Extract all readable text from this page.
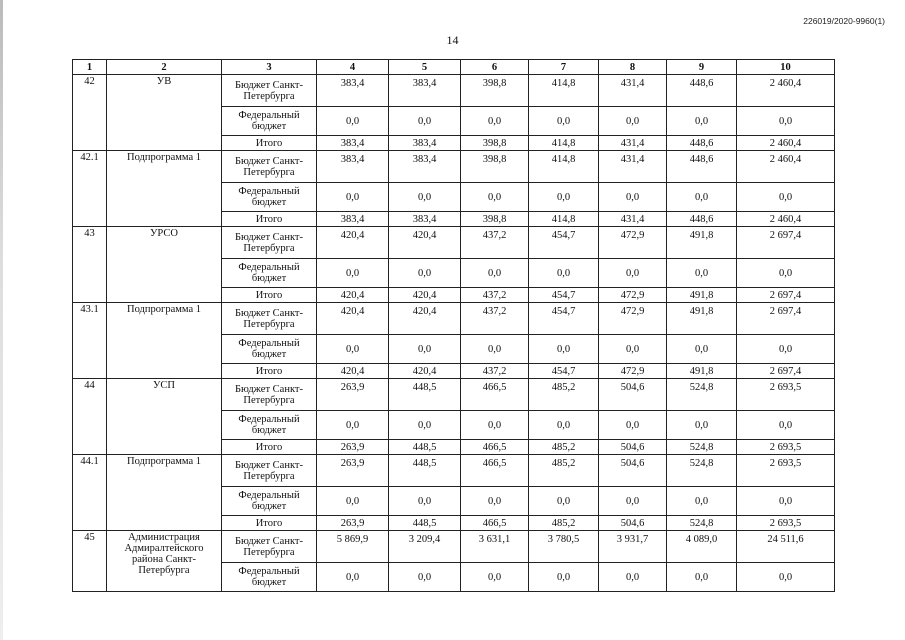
226019/2020-9960(1)
14
1	2	3	4	5	6	7	8	9	10
42	УВ	Бюджет Санкт-Петербурга	383,4	383,4	398,8	414,8	431,4	448,6	2 460,4
		Федеральный бюджет	0,0	0,0	0,0	0,0	0,0	0,0	0,0
		Итого	383,4	383,4	398,8	414,8	431,4	448,6	2 460,4
42.1	Подпрограмма 1	Бюджет Санкт-Петербурга	383,4	383,4	398,8	414,8	431,4	448,6	2 460,4
		Федеральный бюджет	0,0	0,0	0,0	0,0	0,0	0,0	0,0
		Итого	383,4	383,4	398,8	414,8	431,4	448,6	2 460,4
43	УРСО	Бюджет Санкт-Петербурга	420,4	420,4	437,2	454,7	472,9	491,8	2 697,4
		Федеральный бюджет	0,0	0,0	0,0	0,0	0,0	0,0	0,0
		Итого	420,4	420,4	437,2	454,7	472,9	491,8	2 697,4
43.1	Подпрограмма 1	Бюджет Санкт-Петербурга	420,4	420,4	437,2	454,7	472,9	491,8	2 697,4
		Федеральный бюджет	0,0	0,0	0,0	0,0	0,0	0,0	0,0
		Итого	420,4	420,4	437,2	454,7	472,9	491,8	2 697,4
44	УСП	Бюджет Санкт-Петербурга	263,9	448,5	466,5	485,2	504,6	524,8	2 693,5
		Федеральный бюджет	0,0	0,0	0,0	0,0	0,0	0,0	0,0
		Итого	263,9	448,5	466,5	485,2	504,6	524,8	2 693,5
44.1	Подпрограмма 1	Бюджет Санкт-Петербурга	263,9	448,5	466,5	485,2	504,6	524,8	2 693,5
		Федеральный бюджет	0,0	0,0	0,0	0,0	0,0	0,0	0,0
		Итого	263,9	448,5	466,5	485,2	504,6	524,8	2 693,5
45	Администрация Адмиралтейского района Санкт-Петербурга	Бюджет Санкт-Петербурга	5 869,9	3 209,4	3 631,1	3 780,5	3 931,7	4 089,0	24 511,6
		Федеральный бюджет	0,0	0,0	0,0	0,0	0,0	0,0	0,0
